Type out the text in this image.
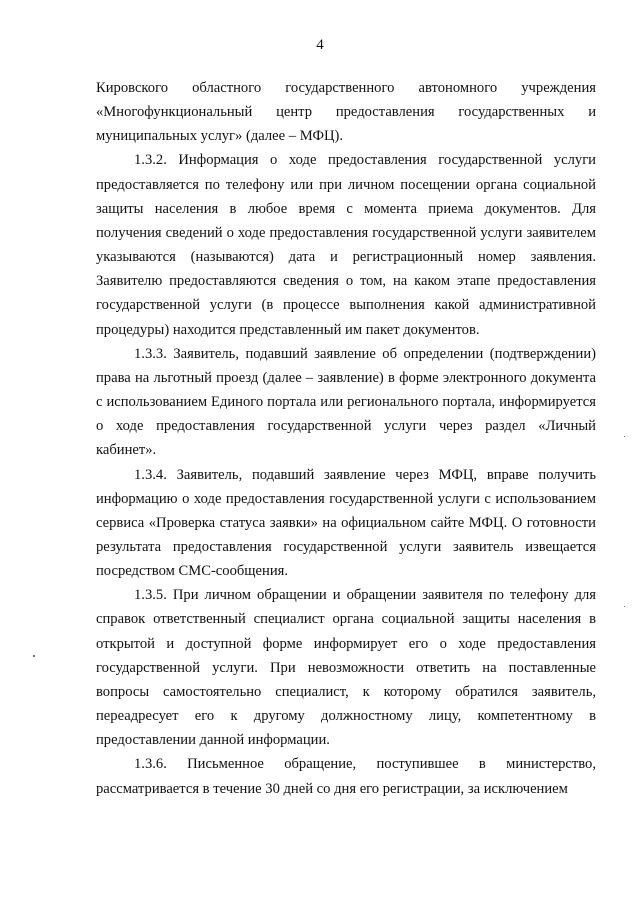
4

Кировского областного государственного автономного учреждения «Многофункциональный центр предоставления государственных и муниципальных услуг» (далее – МФЦ).

1.3.2. Информация о ходе предоставления государственной услуги предоставляется по телефону или при личном посещении органа социальной защиты населения в любое время с момента приема документов. Для получения сведений о ходе предоставления государственной услуги заявителем указываются (называются) дата и регистрационный номер заявления. Заявителю предоставляются сведения о том, на каком этапе предоставления государственной услуги (в процессе выполнения какой административной процедуры) находится представленный им пакет документов.

1.3.3. Заявитель, подавший заявление об определении (подтверждении) права на льготный проезд (далее – заявление) в форме электронного документа с использованием Единого портала или регионального портала, информируется о ходе предоставления государственной услуги через раздел «Личный кабинет».

1.3.4. Заявитель, подавший заявление через МФЦ, вправе получить информацию о ходе предоставления государственной услуги с использованием сервиса «Проверка статуса заявки» на официальном сайте МФЦ. О готовности результата предоставления государственной услуги заявитель извещается посредством СМС-сообщения.

1.3.5. При личном обращении и обращении заявителя по телефону для справок ответственный специалист органа социальной защиты населения в открытой и доступной форме информирует его о ходе предоставления государственной услуги. При невозможности ответить на поставленные вопросы самостоятельно специалист, к которому обратился заявитель, переадресует его к другому должностному лицу, компетентному в предоставлении данной информации.

1.3.6. Письменное обращение, поступившее в министерство, рассматривается в течение 30 дней со дня его регистрации, за исключением
